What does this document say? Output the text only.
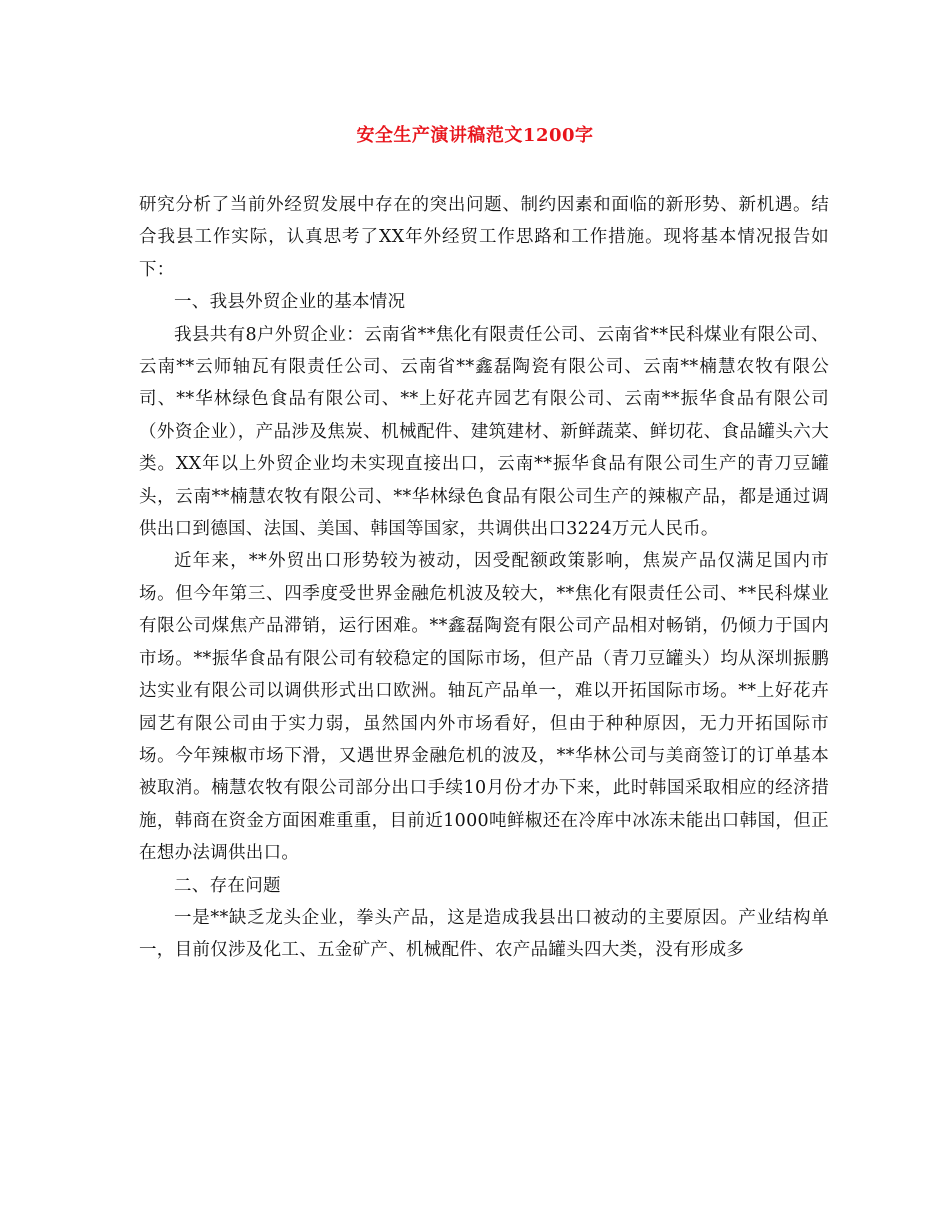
安全生产演讲稿范文1200字

研究分析了当前外经贸发展中存在的突出问题、制约因素和面临的新形势、新机遇。结合我县工作实际，认真思考了XX年外经贸工作思路和工作措施。现将基本情况报告如下：

一、我县外贸企业的基本情况

我县共有8户外贸企业：云南省**焦化有限责任公司、云南省**民科煤业有限公司、云南**云师轴瓦有限责任公司、云南省**鑫磊陶瓷有限公司、云南**楠慧农牧有限公司、**华林绿色食品有限公司、**上好花卉园艺有限公司、云南**振华食品有限公司（外资企业），产品涉及焦炭、机械配件、建筑建材、新鲜蔬菜、鲜切花、食品罐头六大类。XX年以上外贸企业均未实现直接出口，云南**振华食品有限公司生产的青刀豆罐头，云南**楠慧农牧有限公司、**华林绿色食品有限公司生产的辣椒产品，都是通过调供出口到德国、法国、美国、韩国等国家，共调供出口3224万元人民币。

近年来，**外贸出口形势较为被动，因受配额政策影响，焦炭产品仅满足国内市场。但今年第三、四季度受世界金融危机波及较大，**焦化有限责任公司、**民科煤业有限公司煤焦产品滞销，运行困难。**鑫磊陶瓷有限公司产品相对畅销，仍倾力于国内市场。**振华食品有限公司有较稳定的国际市场，但产品（青刀豆罐头）均从深圳振鹏达实业有限公司以调供形式出口欧洲。轴瓦产品单一，难以开拓国际市场。**上好花卉园艺有限公司由于实力弱，虽然国内外市场看好，但由于种种原因，无力开拓国际市场。今年辣椒市场下滑，又遇世界金融危机的波及，**华林公司与美商签订的订单基本被取消。楠慧农牧有限公司部分出口手续10月份才办下来，此时韩国采取相应的经济措施，韩商在资金方面困难重重，目前近1000吨鲜椒还在冷库中冰冻未能出口韩国，但正在想办法调供出口。

二、存在问题

一是**缺乏龙头企业，拳头产品，这是造成我县出口被动的主要原因。产业结构单一，目前仅涉及化工、五金矿产、机械配件、农产品罐头四大类，没有形成多
